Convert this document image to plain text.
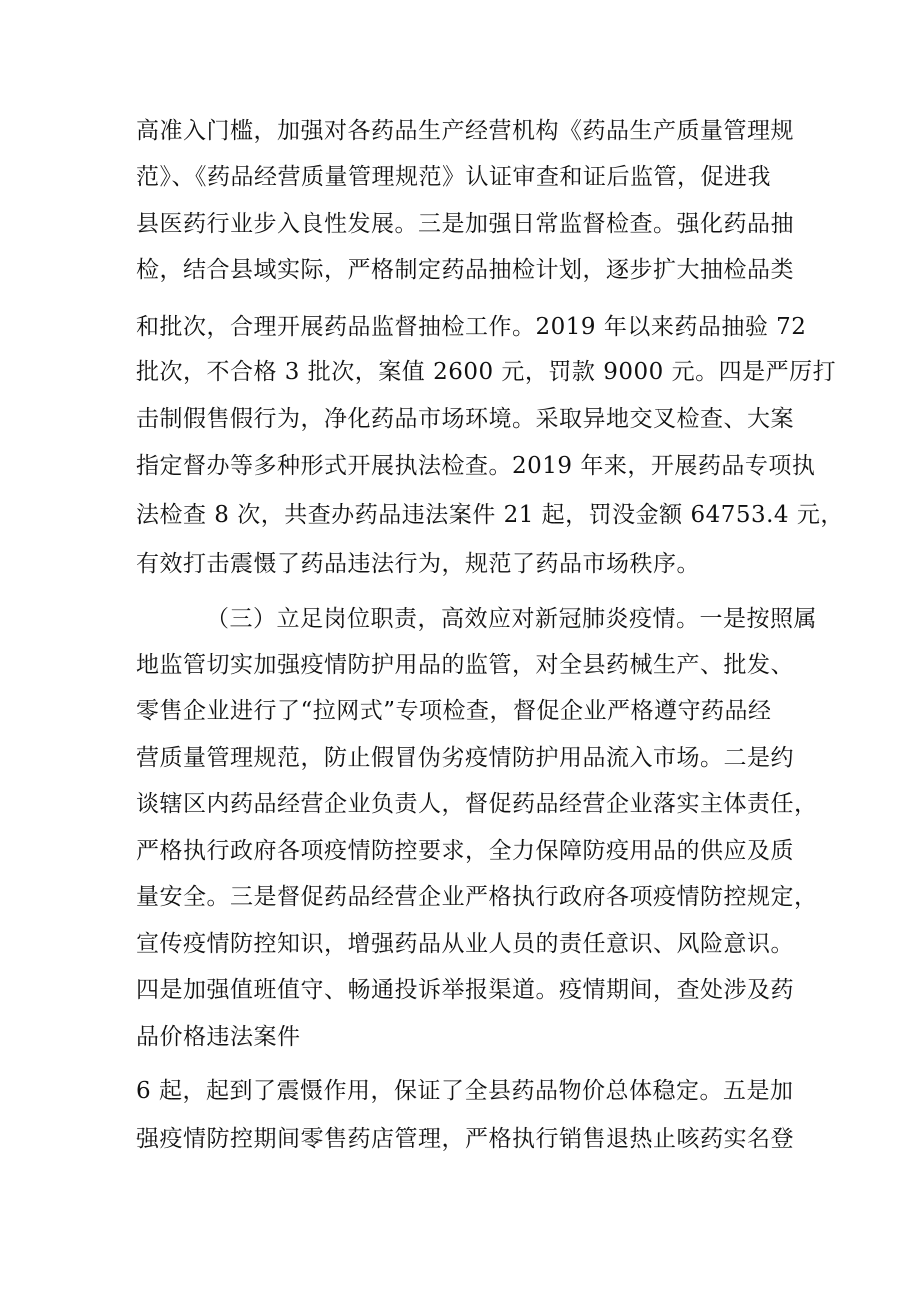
高准入门槛，加强对各药品生产经营机构《药品生产质量管理规
范》、《药品经营质量管理规范》认证审查和证后监管，促进我
县医药行业步入良性发展。三是加强日常监督检查。强化药品抽
检，结合县域实际，严格制定药品抽检计划，逐步扩大抽检品类
和批次，合理开展药品监督抽检工作。2019 年以来药品抽验 72
批次，不合格 3 批次，案值 2600 元，罚款 9000 元。四是严厉打
击制假售假行为，净化药品市场环境。采取异地交叉检查、大案
指定督办等多种形式开展执法检查。2019 年来，开展药品专项执
法检查 8 次，共查办药品违法案件 21 起，罚没金额 64753.4 元，
有效打击震慑了药品违法行为，规范了药品市场秩序。
（三）立足岗位职责，高效应对新冠肺炎疫情。一是按照属
地监管切实加强疫情防护用品的监管，对全县药械生产、批发、
零售企业进行了“拉网式”专项检查，督促企业严格遵守药品经
营质量管理规范，防止假冒伪劣疫情防护用品流入市场。二是约
谈辖区内药品经营企业负责人，督促药品经营企业落实主体责任，
严格执行政府各项疫情防控要求，全力保障防疫用品的供应及质
量安全。三是督促药品经营企业严格执行政府各项疫情防控规定，
宣传疫情防控知识，增强药品从业人员的责任意识、风险意识。
四是加强值班值守、畅通投诉举报渠道。疫情期间，查处涉及药
品价格违法案件
6 起，起到了震慑作用，保证了全县药品物价总体稳定。五是加
强疫情防控期间零售药店管理，严格执行销售退热止咳药实名登
